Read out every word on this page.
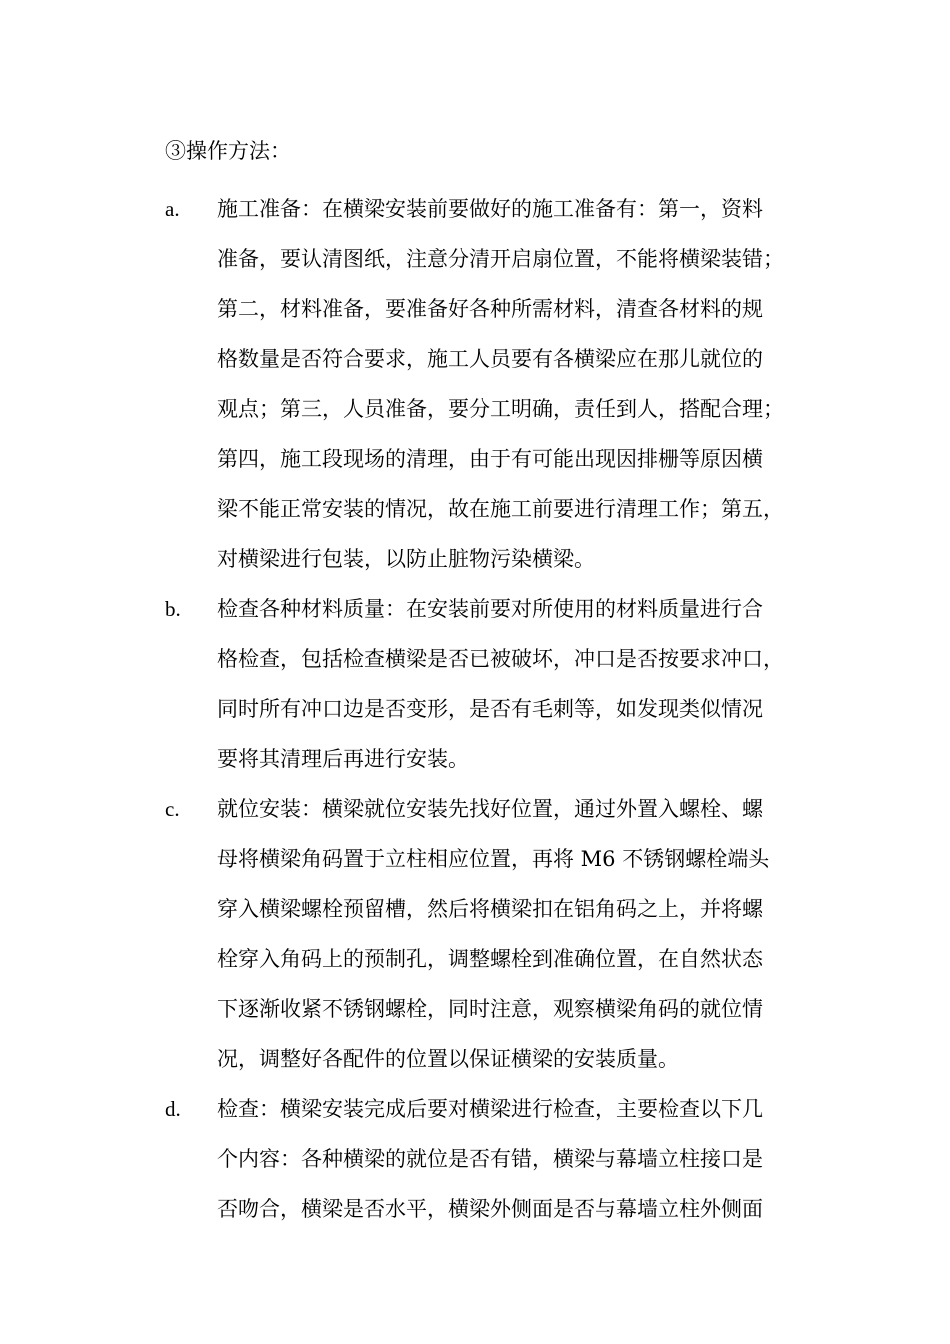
③操作方法：
a.	施工准备：在横梁安装前要做好的施工准备有：第一，资料
准备，要认清图纸，注意分清开启扇位置，不能将横梁装错；
第二，材料准备，要准备好各种所需材料，清查各材料的规
格数量是否符合要求，施工人员要有各横梁应在那儿就位的
观点；第三，人员准备，要分工明确，责任到人，搭配合理；
第四，施工段现场的清理，由于有可能出现因排栅等原因横
梁不能正常安装的情况，故在施工前要进行清理工作；第五，
对横梁进行包装，以防止脏物污染横梁。
b.	检查各种材料质量：在安装前要对所使用的材料质量进行合
格检查，包括检查横梁是否已被破坏，冲口是否按要求冲口，
同时所有冲口边是否变形，是否有毛刺等，如发现类似情况
要将其清理后再进行安装。
c.	就位安装：横梁就位安装先找好位置，通过外置入螺栓、螺
母将横梁角码置于立柱相应位置，再将 M6 不锈钢螺栓端头
穿入横梁螺栓预留槽，然后将横梁扣在铝角码之上，并将螺
栓穿入角码上的预制孔，调整螺栓到准确位置，在自然状态
下逐渐收紧不锈钢螺栓，同时注意，观察横梁角码的就位情
况，调整好各配件的位置以保证横梁的安装质量。
d.	检查：横梁安装完成后要对横梁进行检查，主要检查以下几
个内容：各种横梁的就位是否有错，横梁与幕墙立柱接口是
否吻合，横梁是否水平，横梁外侧面是否与幕墙立柱外侧面
